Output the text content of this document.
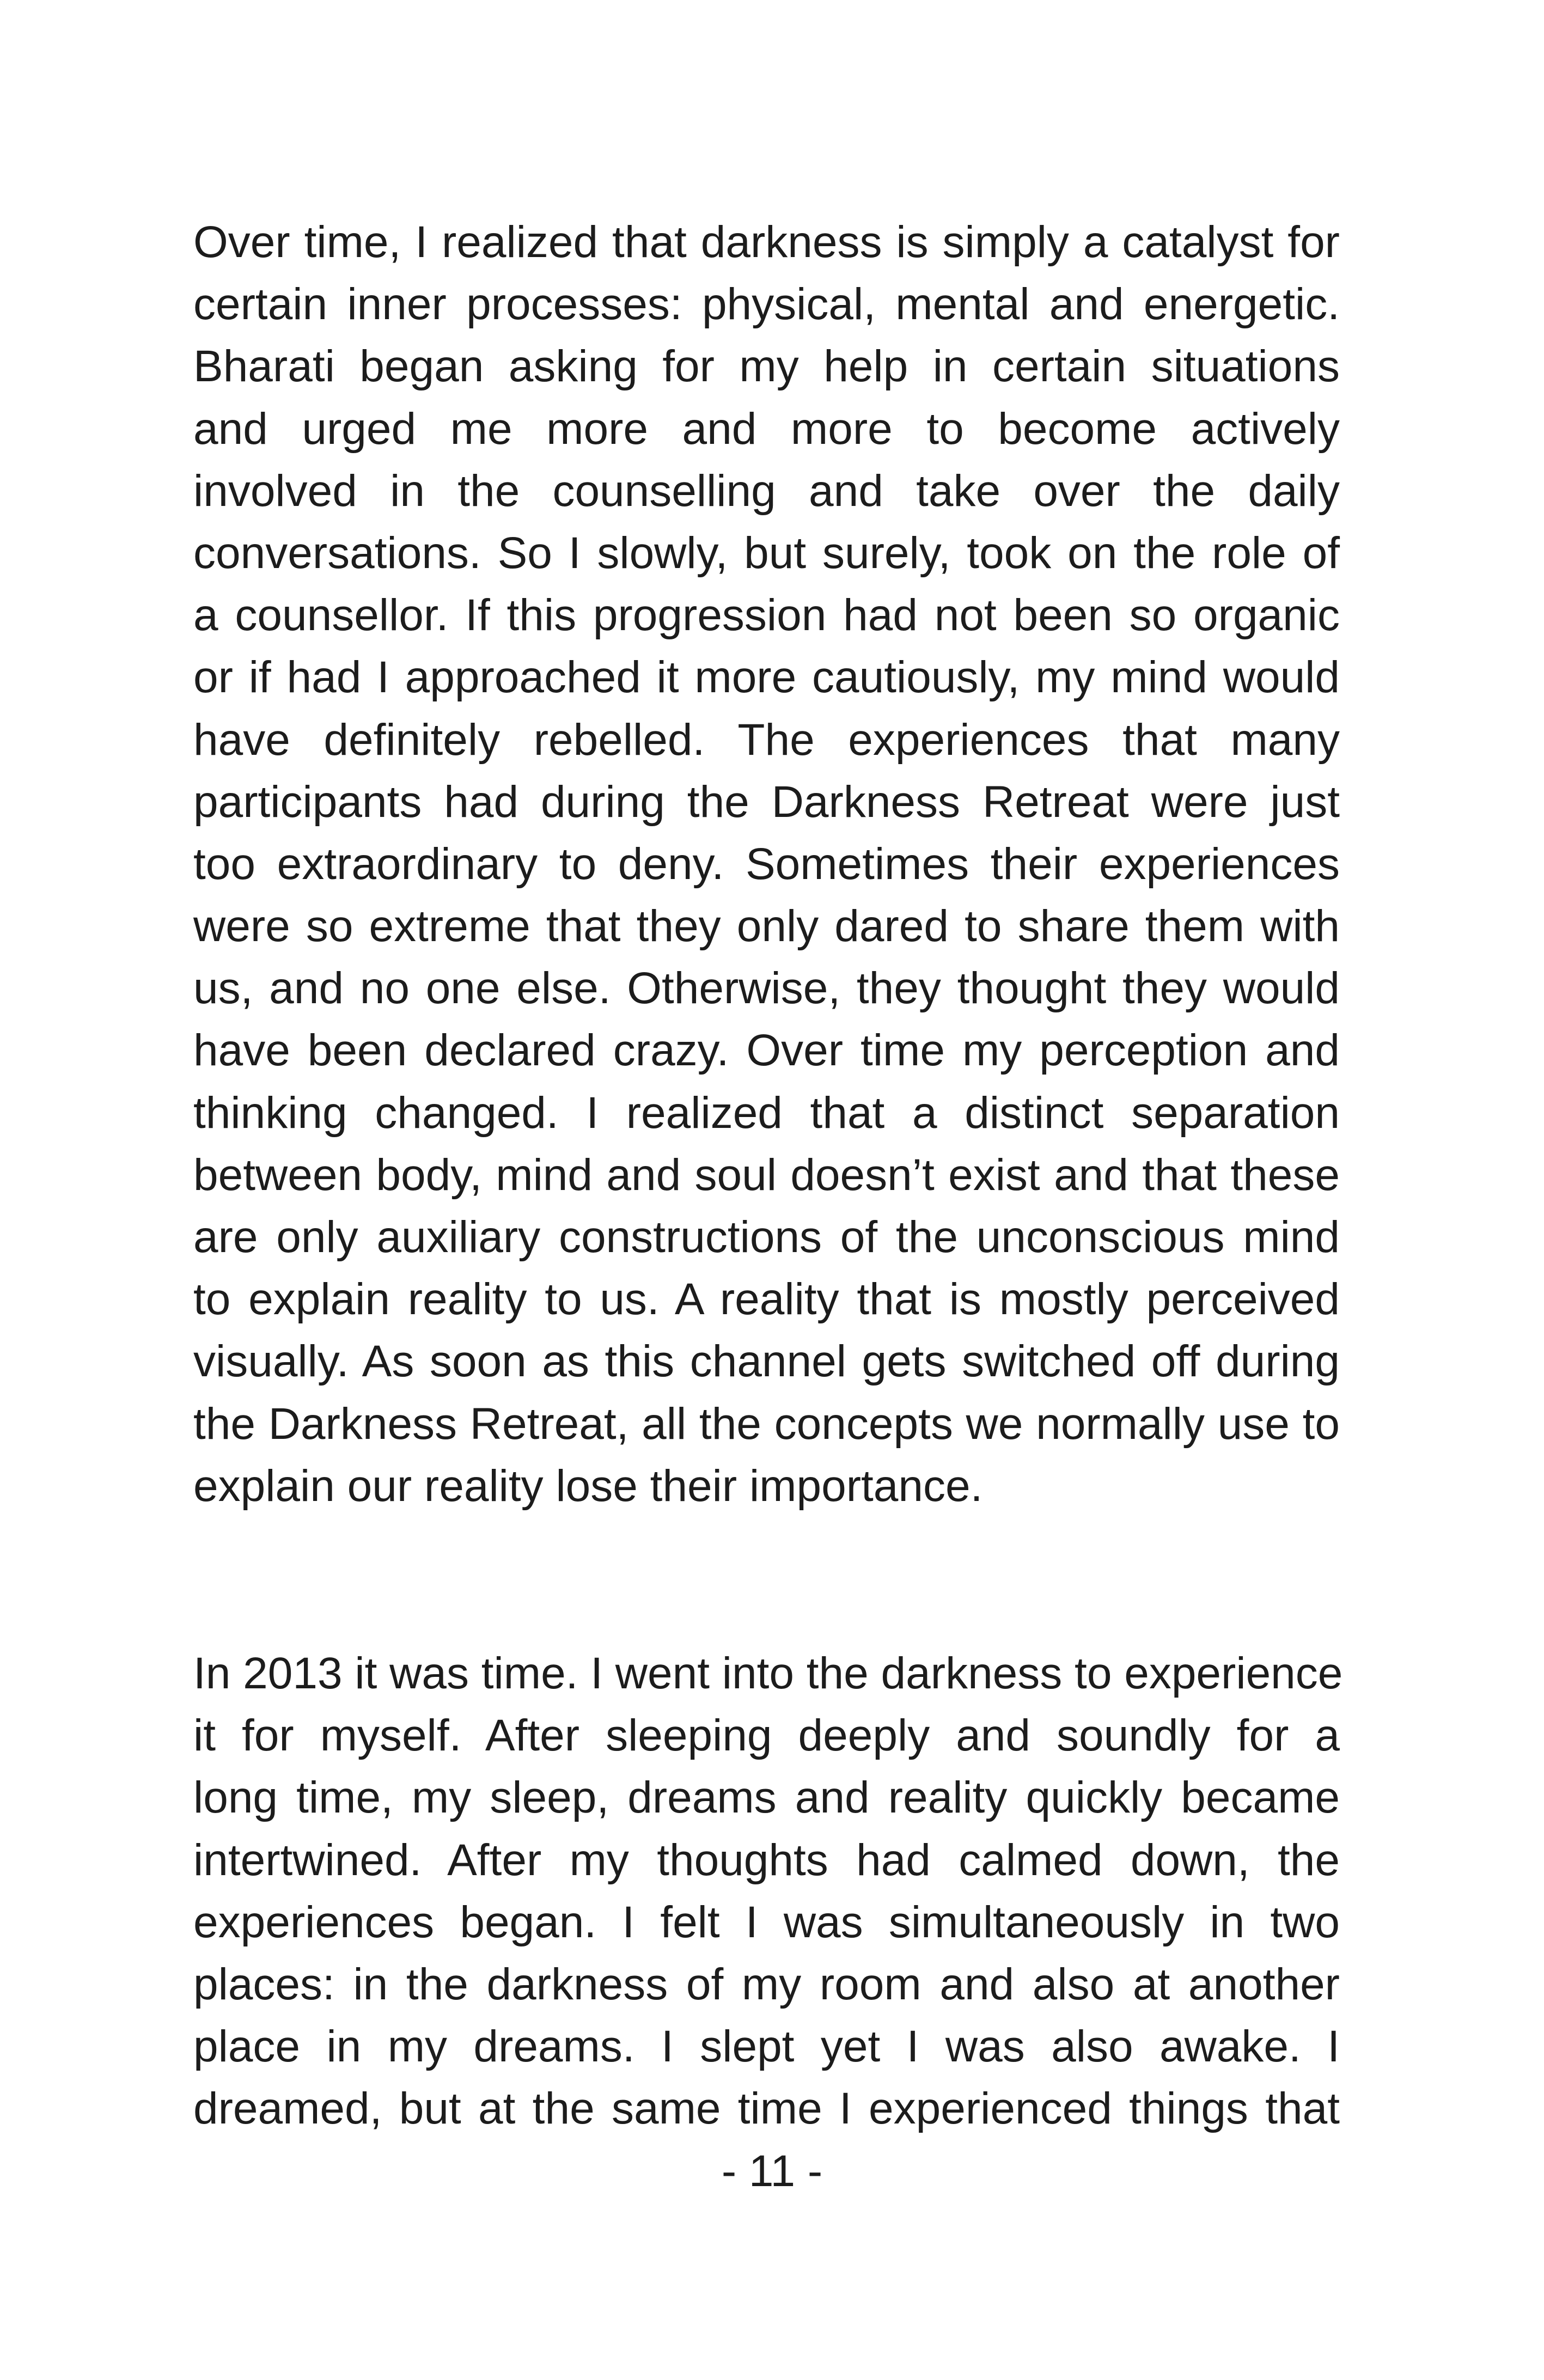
Over time, I realized that darkness is simply a catalyst for
certain inner processes: physical, mental and energetic.
Bharati began asking for my help in certain situations
and urged me more and more to become actively
involved in the counselling and take over the daily
conversations. So I slowly, but surely, took on the role of
a counsellor. If this progression had not been so organic
or if had I approached it more cautiously, my mind would
have definitely rebelled. The experiences that many
participants had during the Darkness Retreat were just
too extraordinary to deny. Sometimes their experiences
were so extreme that they only dared to share them with
us, and no one else. Otherwise, they thought they would
have been declared crazy. Over time my perception and
thinking changed. I realized that a distinct separation
between body, mind and soul doesn’t exist and that these
are only auxiliary constructions of the unconscious mind
to explain reality to us. A reality that is mostly perceived
visually. As soon as this channel gets switched off during
the Darkness Retreat, all the concepts we normally use to
explain our reality lose their importance.
In 2013 it was time. I went into the darkness to experience
it for myself. After sleeping deeply and soundly for a
long time, my sleep, dreams and reality quickly became
intertwined. After my thoughts had calmed down, the
experiences began. I felt I was simultaneously in two
places: in the darkness of my room and also at another
place in my dreams. I slept yet I was also awake. I
dreamed, but at the same time I experienced things that
- 11 -
